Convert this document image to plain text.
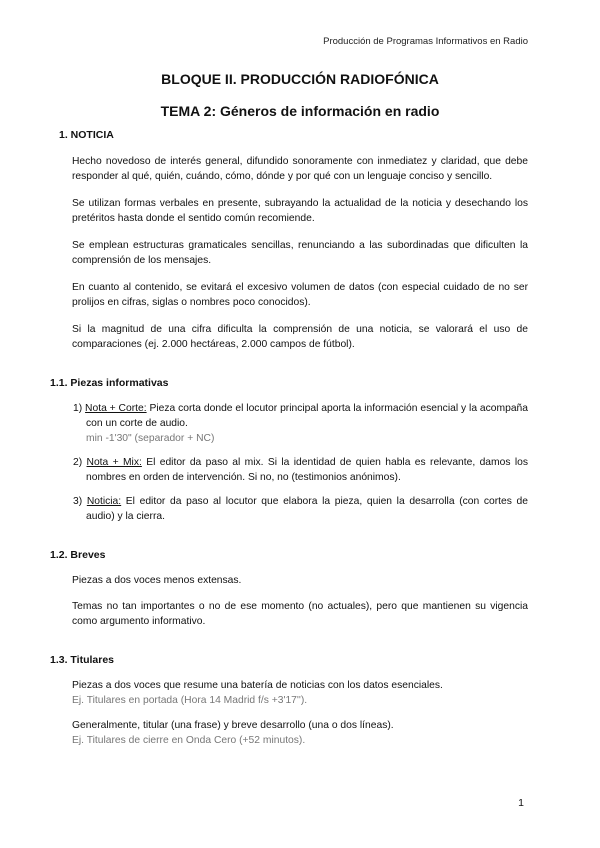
Producción de Programas Informativos en Radio
BLOQUE II. PRODUCCIÓN RADIOFÓNICA
TEMA 2: Géneros de información en radio
1. NOTICIA

Hecho novedoso de interés general, difundido sonoramente con inmediatez y claridad, que debe responder al qué, quién, cuándo, cómo, dónde y por qué con un lenguaje conciso y sencillo.

Se utilizan formas verbales en presente, subrayando la actualidad de la noticia y desechando los pretéritos hasta donde el sentido común recomiende.

Se emplean estructuras gramaticales sencillas, renunciando a las subordinadas que dificulten la comprensión de los mensajes.

En cuanto al contenido, se evitará el excesivo volumen de datos (con especial cuidado de no ser prolijos en cifras, siglas o nombres poco conocidos).

Si la magnitud de una cifra dificulta la comprensión de una noticia, se valorará el uso de comparaciones (ej. 2.000 hectáreas, 2.000 campos de fútbol).

1.1. Piezas informativas
1) Nota + Corte: Pieza corta donde el locutor principal aporta la información esencial y la acompaña con un corte de audio.
min -1'30" (separador + NC)
2) Nota + Mix: El editor da paso al mix. Si la identidad de quien habla es relevante, damos los nombres en orden de intervención. Si no, no (testimonios anónimos).
3) Noticia: El editor da paso al locutor que elabora la pieza, quien la desarrolla (con cortes de audio) y la cierra.
1.2. Breves

Piezas a dos voces menos extensas.

Temas no tan importantes o no de ese momento (no actuales), pero que mantienen su vigencia como argumento informativo.

1.3. Titulares

Piezas a dos voces que resume una batería de noticias con los datos esenciales.

Ej. Titulares en portada (Hora 14 Madrid f/s +3'17'').

Generalmente, titular (una frase) y breve desarrollo (una o dos líneas).

Ej. Titulares de cierre en Onda Cero (+52 minutos).

1
